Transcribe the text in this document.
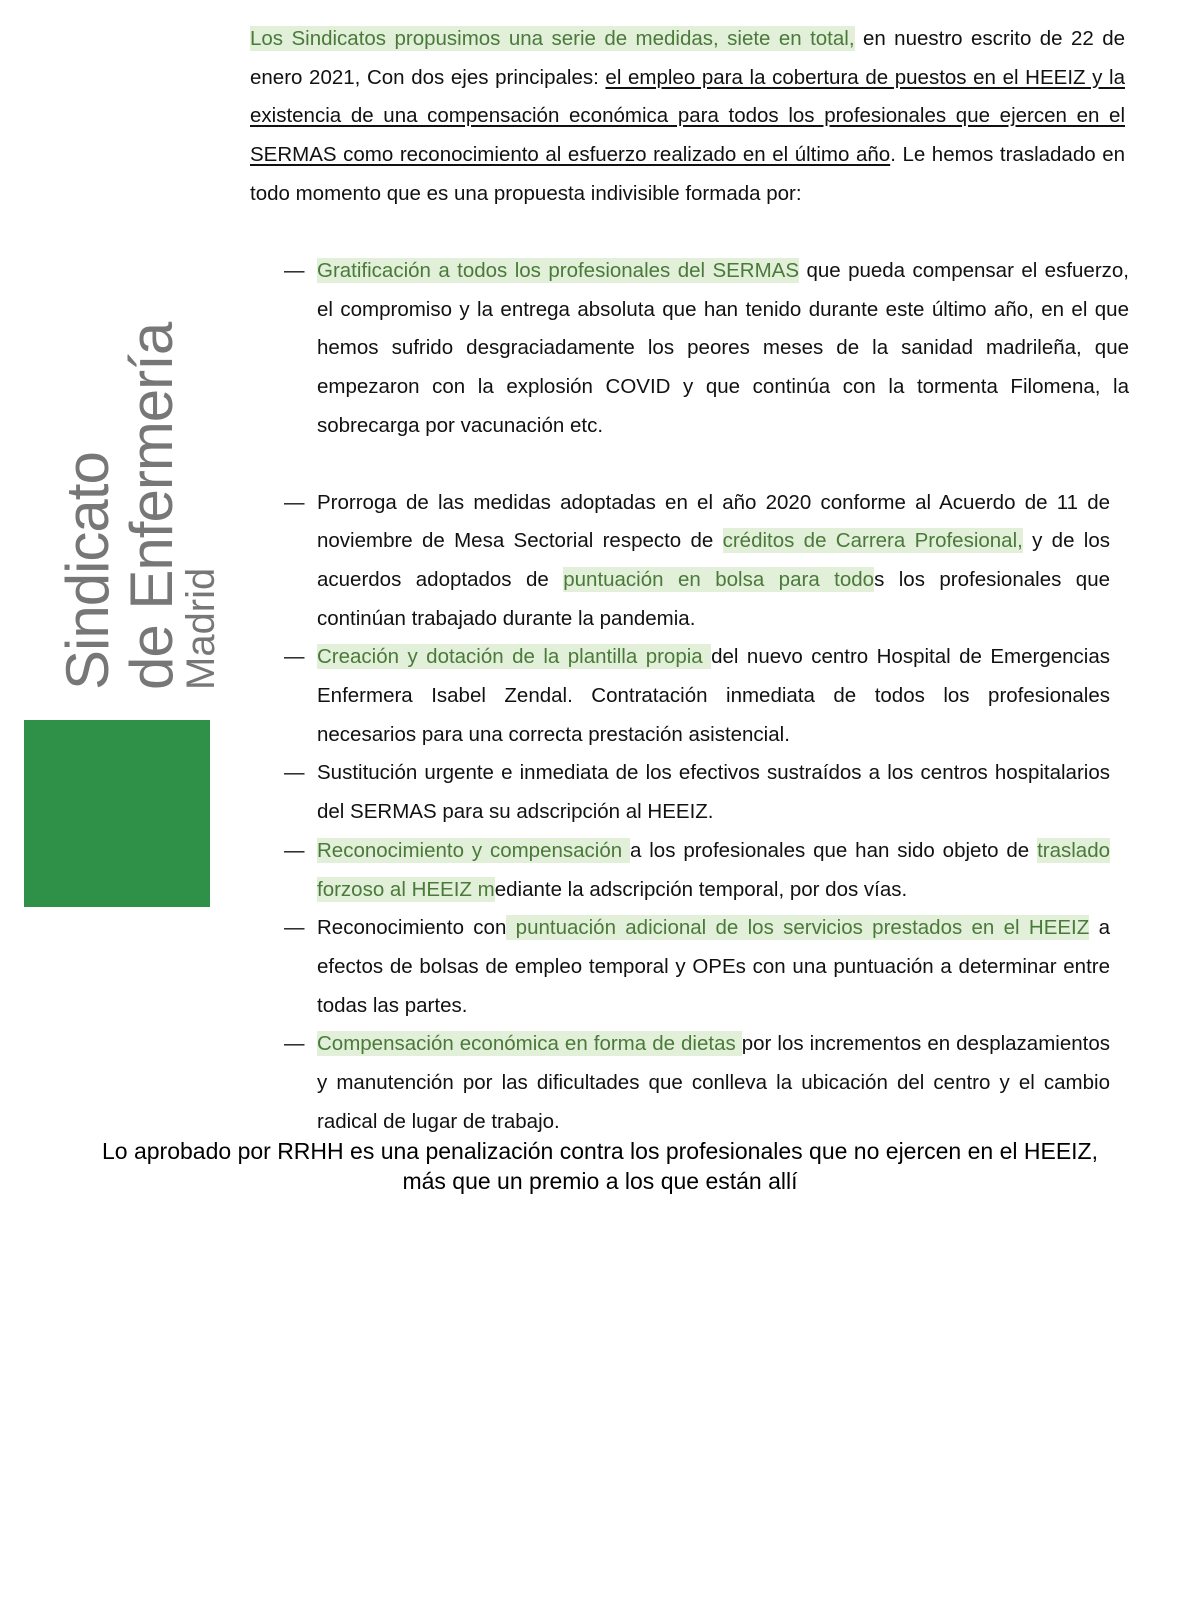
Sindicato
de Enfermería
Madrid
SATSE

Los Sindicatos propusimos una serie de medidas, siete en total, en nuestro escrito de 22 de enero 2021, Con dos ejes principales: el empleo para la cobertura de puestos en el HEEIZ y la existencia de una compensación económica para todos los profesionales que ejercen en el SERMAS como reconocimiento al esfuerzo realizado en el último año. Le hemos trasladado en todo momento que es una propuesta indivisible formada por:

— Gratificación a todos los profesionales del SERMAS que pueda compensar el esfuerzo, el compromiso y la entrega absoluta que han tenido durante este último año, en el que hemos sufrido desgraciadamente los peores meses de la sanidad madrileña, que empezaron con la explosión COVID y que continúa con la tormenta Filomena, la sobrecarga por vacunación etc.
— Prorroga de las medidas adoptadas en el año 2020 conforme al Acuerdo de 11 de noviembre de Mesa Sectorial respecto de créditos de Carrera Profesional, y de los acuerdos adoptados de puntuación en bolsa para todos los profesionales que continúan trabajado durante la pandemia.
— Creación y dotación de la plantilla propia del nuevo centro Hospital de Emergencias Enfermera Isabel Zendal. Contratación inmediata de todos los profesionales necesarios para una correcta prestación asistencial.
— Sustitución urgente e inmediata de los efectivos sustraídos a los centros hospitalarios del SERMAS para su adscripción al HEEIZ.
— Reconocimiento y compensación a los profesionales que han sido objeto de traslado forzoso al HEEIZ mediante la adscripción temporal, por dos vías.
— Reconocimiento con puntuación adicional de los servicios prestados en el HEEIZ a efectos de bolsas de empleo temporal y OPEs con una puntuación a determinar entre todas las partes.
— Compensación económica en forma de dietas por los incrementos en desplazamientos y manutención por las dificultades que conlleva la ubicación del centro y el cambio radical de lugar de trabajo.
Lo aprobado por RRHH es una penalización contra los profesionales que no ejercen en el HEEIZ,
más que un premio a los que están allí
